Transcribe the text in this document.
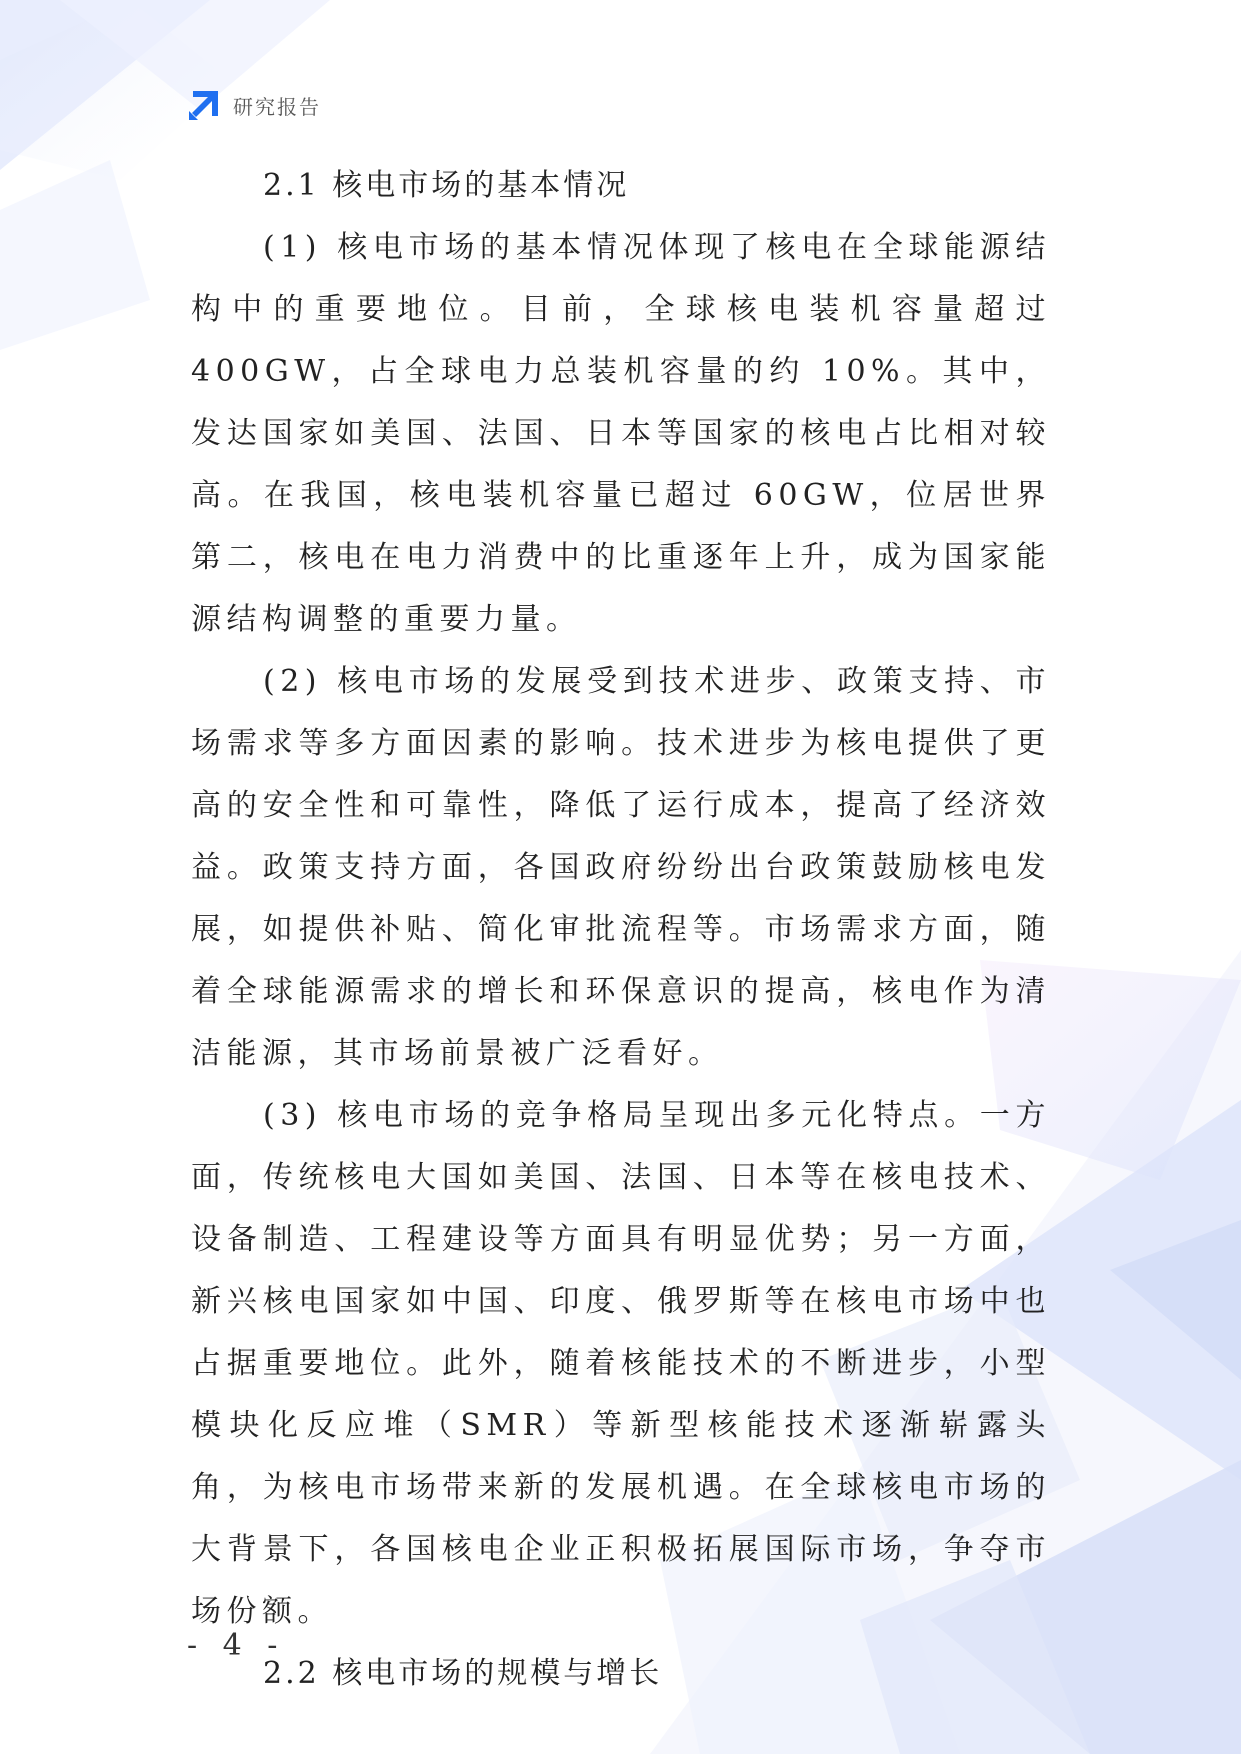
研究报告
2.1 核电市场的基本情况

(1) 核电市场的基本情况体现了核电在全球能源结构中的重要地位。目前，全球核电装机容量超过 400GW，占全球电力总装机容量的约 10%。其中，发达国家如美国、法国、日本等国家的核电占比相对较高。在我国，核电装机容量已超过 60GW，位居世界第二，核电在电力消费中的比重逐年上升，成为国家能源结构调整的重要力量。

(2) 核电市场的发展受到技术进步、政策支持、市场需求等多方面因素的影响。技术进步为核电提供了更高的安全性和可靠性，降低了运行成本，提高了经济效益。政策支持方面，各国政府纷纷出台政策鼓励核电发展，如提供补贴、简化审批流程等。市场需求方面，随着全球能源需求的增长和环保意识的提高，核电作为清洁能源，其市场前景被广泛看好。

(3) 核电市场的竞争格局呈现出多元化特点。一方面，传统核电大国如美国、法国、日本等在核电技术、设备制造、工程建设等方面具有明显优势；另一方面，新兴核电国家如中国、印度、俄罗斯等在核电市场中也占据重要地位。此外，随着核能技术的不断进步，小型模块化反应堆（SMR）等新型核能技术逐渐崭露头角，为核电市场带来新的发展机遇。在全球核电市场的大背景下，各国核电企业正积极拓展国际市场，争夺市场份额。

2.2 核电市场的规模与增长
- 4 -
